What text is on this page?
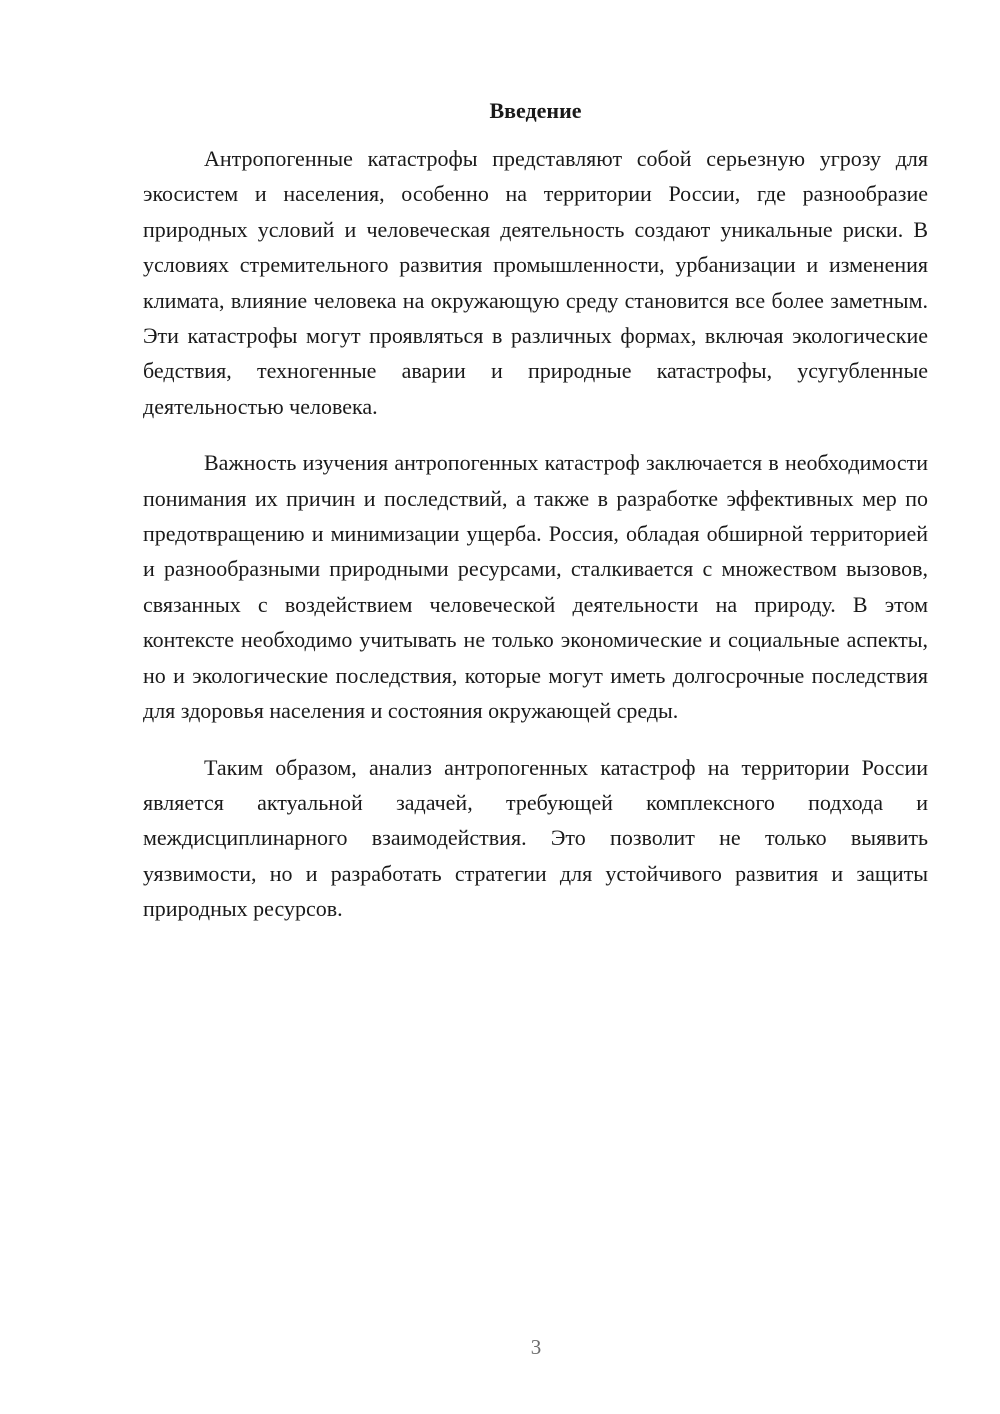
Введение

Антропогенные катастрофы представляют собой серьезную угрозу для экосистем и населения, особенно на территории России, где разнообразие природных условий и человеческая деятельность создают уникальные риски. В условиях стремительного развития промышленности, урбанизации и изменения климата, влияние человека на окружающую среду становится все более заметным. Эти катастрофы могут проявляться в различных формах, включая экологические бедствия, техногенные аварии и природные катастрофы, усугубленные деятельностью человека.

Важность изучения антропогенных катастроф заключается в необходимости понимания их причин и последствий, а также в разработке эффективных мер по предотвращению и минимизации ущерба. Россия, обладая обширной территорией и разнообразными природными ресурсами, сталкивается с множеством вызовов, связанных с воздействием человеческой деятельности на природу. В этом контексте необходимо учитывать не только экономические и социальные аспекты, но и экологические последствия, которые могут иметь долгосрочные последствия для здоровья населения и состояния окружающей среды.

Таким образом, анализ антропогенных катастроф на территории России является актуальной задачей, требующей комплексного подхода и междисциплинарного взаимодействия. Это позволит не только выявить уязвимости, но и разработать стратегии для устойчивого развития и защиты природных ресурсов.

3
